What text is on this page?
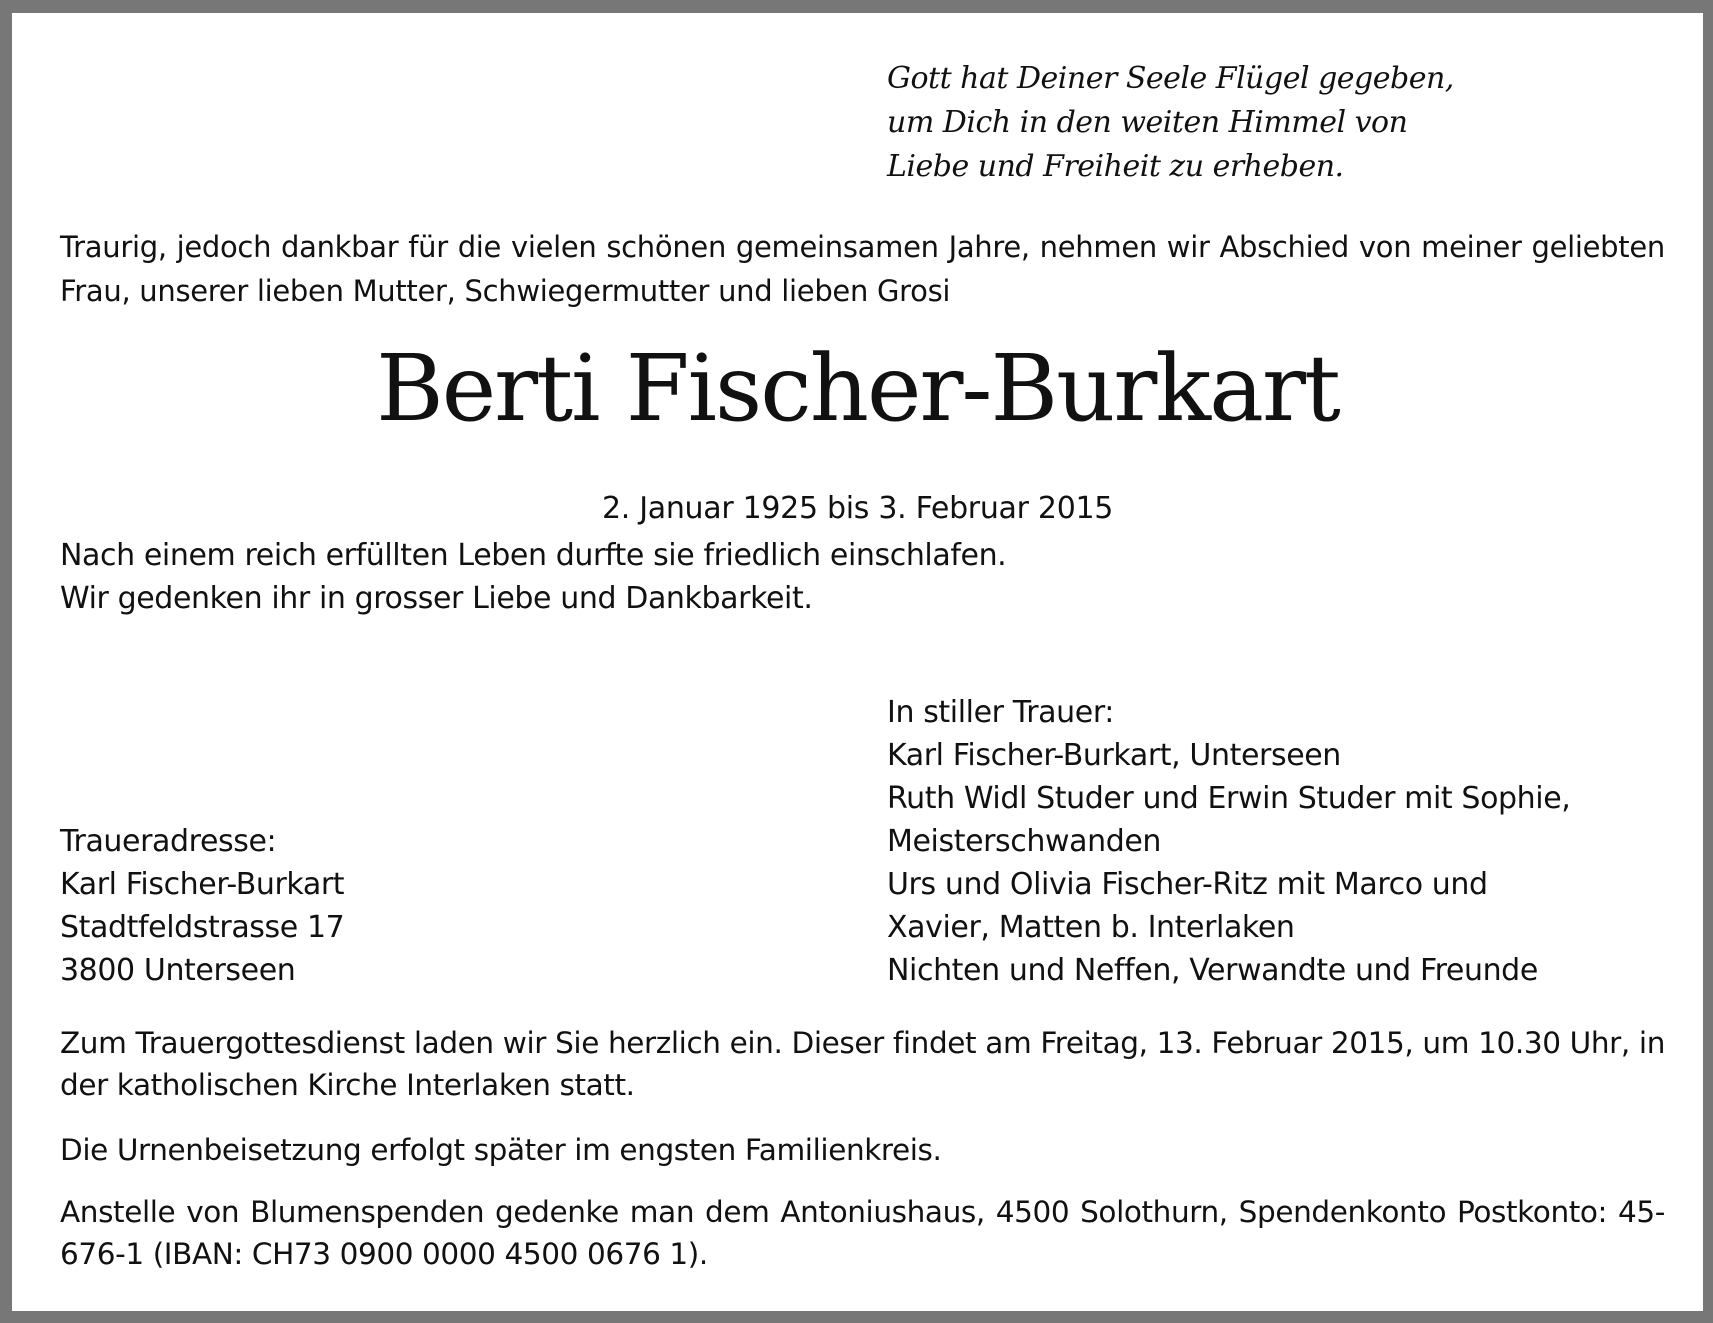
Gott hat Deiner Seele Flügel gegeben,
um Dich in den weiten Himmel von
Liebe und Freiheit zu erheben.
Traurig, jedoch dankbar für die vielen schönen gemeinsamen Jahre, nehmen wir Abschied von meiner geliebten Frau, unserer lieben Mutter, Schwiegermutter und lieben Grosi
Berti Fischer-Burkart
2. Januar 1925 bis 3. Februar 2015
Nach einem reich erfüllten Leben durfte sie friedlich einschlafen.
Wir gedenken ihr in grosser Liebe und Dankbarkeit.
In stiller Trauer:
Karl Fischer-Burkart, Unterseen
Ruth Widl Studer und Erwin Studer mit Sophie,
Meisterschwanden
Urs und Olivia Fischer-Ritz mit Marco und
Xavier, Matten b. Interlaken
Nichten und Neffen, Verwandte und Freunde
Traueradresse:
Karl Fischer-Burkart
Stadtfeldstrasse 17
3800 Unterseen
Zum Trauergottesdienst laden wir Sie herzlich ein. Dieser findet am Freitag, 13. Februar 2015, um 10.30 Uhr, in der katholischen Kirche Interlaken statt.
Die Urnenbeisetzung erfolgt später im engsten Familienkreis.
Anstelle von Blumenspenden gedenke man dem Antoniushaus, 4500 Solothurn, Spendenkonto Postkonto: 45-676-1 (IBAN: CH73 0900 0000 4500 0676 1).
